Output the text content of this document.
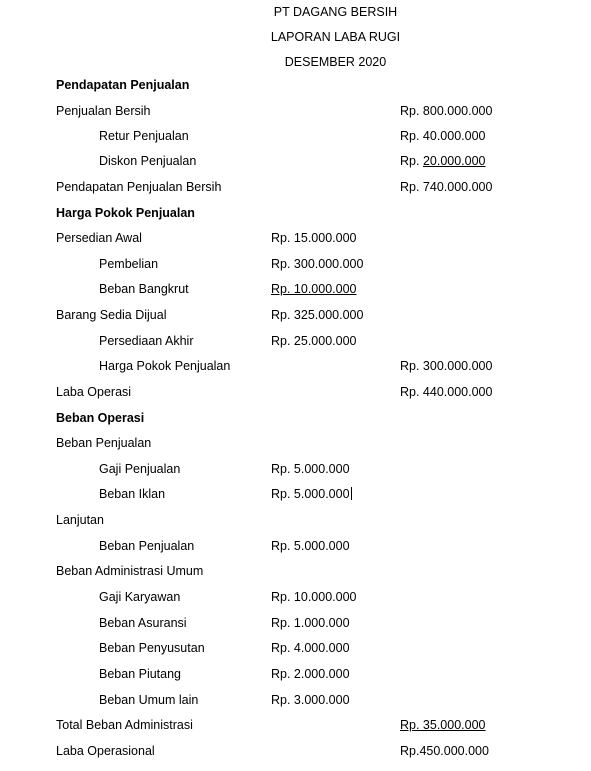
PT DAGANG BERSIH
LAPORAN LABA RUGI
DESEMBER 2020
Pendapatan Penjualan
Penjualan Bersih	Rp. 800.000.000
Retur Penjualan	Rp. 40.000.000
Diskon Penjualan	Rp. 20.000.000
Pendapatan Penjualan Bersih	Rp. 740.000.000
Harga Pokok Penjualan
Persedian Awal	Rp. 15.000.000
Pembelian	Rp. 300.000.000
Beban Bangkrut	Rp. 10.000.000
Barang Sedia Dijual	Rp. 325.000.000
Persediaan Akhir	Rp. 25.000.000
Harga Pokok Penjualan	Rp. 300.000.000
Laba Operasi	Rp. 440.000.000
Beban Operasi
Beban Penjualan
Gaji Penjualan	Rp. 5.000.000
Beban Iklan	Rp. 5.000.000
Lanjutan
Beban Penjualan	Rp. 5.000.000
Beban Administrasi Umum
Gaji Karyawan	Rp. 10.000.000
Beban Asuransi	Rp. 1.000.000
Beban Penyusutan	Rp. 4.000.000
Beban Piutang	Rp. 2.000.000
Beban Umum lain	Rp. 3.000.000
Total Beban Administrasi	Rp. 35.000.000
Laba Operasional	Rp.450.000.000
